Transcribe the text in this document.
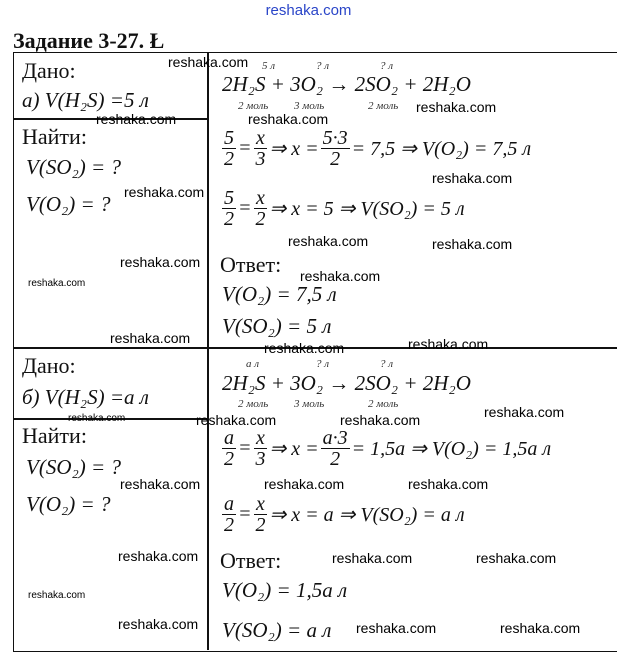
reshaka.com
Задание 3-27. Ł
Дано:
а) V(H₂S) =5 л
Найти:
V(SO₂) = ?
V(O₂) = ?
5 л	? л	? л
2H₂S + 3O₂ → 2SO₂ + 2H₂O
2 моль 3 моль	2 моль
$\frac{5}{2} = \frac{x}{3}$ ⇒ $x = \frac{5\cdot 3}{2} = 7,5$ ⇒ V(O₂) = 7,5 л
$\frac{5}{2} = \frac{x}{2}$ ⇒ x = 5 ⇒ V(SO₂) = 5 л
Ответ:
V(O₂) = 7,5 л
V(SO₂) = 5 л
Дано:
б) V(H₂S) =a л
Найти:
V(SO₂) = ?
V(O₂) = ?
a л	? л	? л
2H₂S + 3O₂ → 2SO₂ + 2H₂O
2 моль 3 моль	2 моль
$\frac{a}{2} = \frac{x}{3}$ ⇒ $x = \frac{a\cdot 3}{2} = 1,5a$ ⇒ V(O₂) = 1,5a л
$\frac{a}{2} = \frac{x}{2}$ ⇒ x = a ⇒ V(SO₂) = a л
Ответ:
V(O₂) = 1,5a л
V(SO₂) = a л
reshaka.com
reshaka.com
reshaka.com	reshaka.com
reshaka.com
reshaka.com
reshaka.com	reshaka.com
reshaka.com
reshaka.com
reshaka.com
reshaka.com
reshaka.com	reshaka.com
reshaka.com
reshaka.com	reshaka.com	reshaka.com
reshaka.com	reshaka.com	reshaka.com
reshaka.com	reshaka.com	reshaka.com
reshaka.com
reshaka.com	reshaka.com	reshaka.com
